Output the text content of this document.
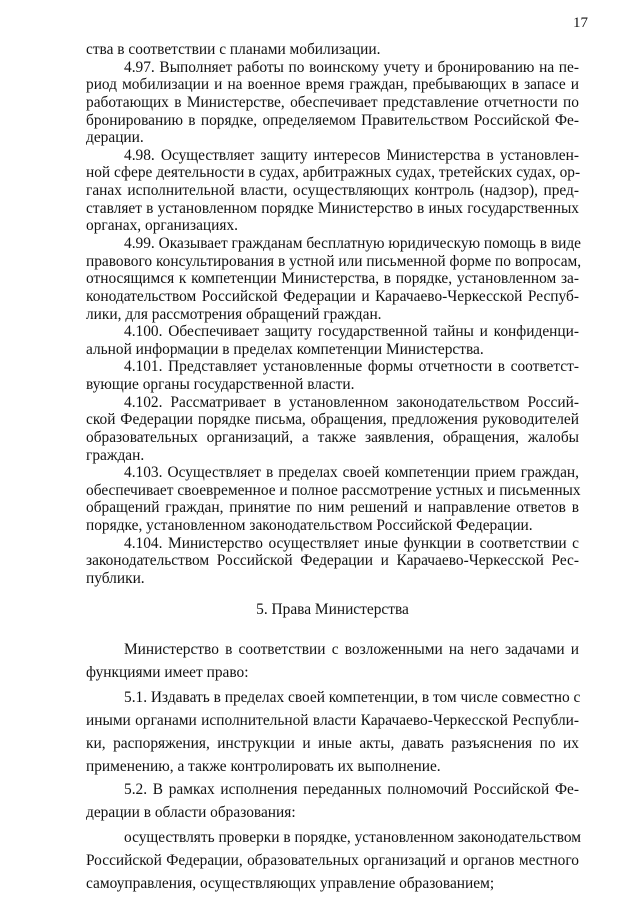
17
ства в соответствии с планами мобилизации.
4.97. Выполняет работы по воинскому учету и бронированию на пе-
риод мобилизации и на военное время граждан, пребывающих в запасе и
работающих в Министерстве, обеспечивает представление отчетности по
бронированию в порядке, определяемом Правительством Российской Фе-
дерации.
4.98. Осуществляет защиту интересов Министерства в установлен-
ной сфере деятельности в судах, арбитражных судах, третейских судах, ор-
ганах исполнительной власти, осуществляющих контроль (надзор), пред-
ставляет в установленном порядке Министерство в иных государственных
органах, организациях.
4.99. Оказывает гражданам бесплатную юридическую помощь в виде
правового консультирования в устной или письменной форме по вопросам,
относящимся к компетенции Министерства, в порядке, установленном за-
конодательством Российской Федерации и Карачаево-Черкесской Респуб-
лики, для рассмотрения обращений граждан.
4.100. Обеспечивает защиту государственной тайны и конфиденци-
альной информации в пределах компетенции Министерства.
4.101. Представляет установленные формы отчетности в соответст-
вующие органы государственной власти.
4.102. Рассматривает в установленном законодательством Россий-
ской Федерации порядке письма, обращения, предложения руководителей
образовательных организаций, а также заявления, обращения, жалобы
граждан.
4.103. Осуществляет в пределах своей компетенции прием граждан,
обеспечивает своевременное и полное рассмотрение устных и письменных
обращений граждан, принятие по ним решений и направление ответов в
порядке, установленном законодательством Российской Федерации.
4.104. Министерство осуществляет иные функции в соответствии с
законодательством Российской Федерации и Карачаево-Черкесской Рес-
публики.
5. Права Министерства
Министерство в соответствии с возложенными на него задачами и
функциями имеет право:
5.1. Издавать в пределах своей компетенции, в том числе совместно с
иными органами исполнительной власти Карачаево-Черкесской Республи-
ки, распоряжения, инструкции и иные акты, давать разъяснения по их
применению, а также контролировать их выполнение.
5.2. В рамках исполнения переданных полномочий Российской Фе-
дерации в области образования:
осуществлять проверки в порядке, установленном законодательством
Российской Федерации, образовательных организаций и органов местного
самоуправления, осуществляющих управление образованием;
